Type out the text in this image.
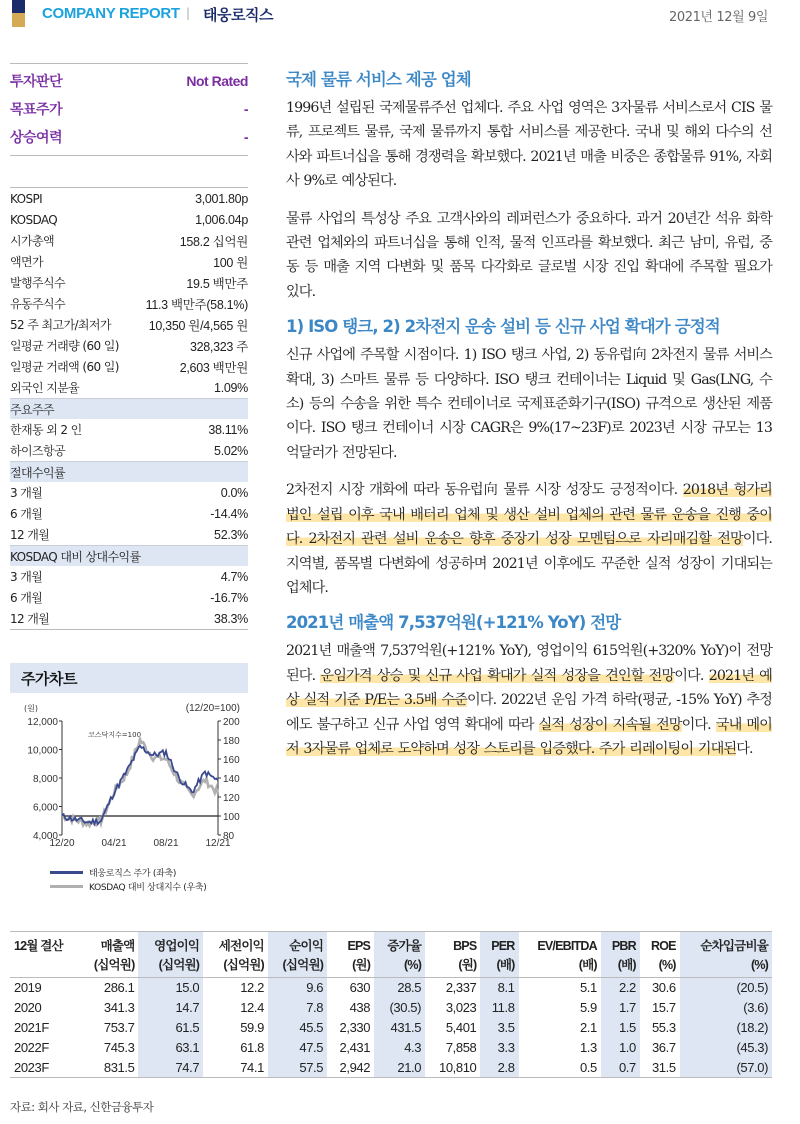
COMPANY REPORT | 태웅로직스	2021년 12월 9일
투자판단	Not Rated
목표주가	-
상승여력	-
KOSPI	3,001.80p
KOSDAQ	1,006.04p
시가총액	158.2 십억원
액면가	100 원
발행주식수	19.5 백만주
유동주식수	11.3 백만주(58.1%)
52 주 최고가/최저가	10,350 원/4,565 원
일평균 거래량 (60 일)	328,323 주
일평균 거래액 (60 일)	2,603 백만원
외국인 지분율	1.09%
주요주주
한재동 외 2 인	38.11%
하이즈항공	5.02%
절대수익률
3 개월	0.0%
6 개월	-14.4%
12 개월	52.3%
KOSDAQ 대비 상대수익률
3 개월	4.7%
6 개월	-16.7%
12 개월	38.3%
주가차트
(원)	(12/20=100)
4,000
6,000
8,000
10,000
12,000
80
100
120
140
160
180
200
12/20	04/21	08/21	12/21
코스닥지수=100
태웅로직스 주가 (좌축)
KOSDAQ 대비 상대지수 (우축)
국제 물류 서비스 제공 업체
1996년 설립된 국제물류주선 업체다. 주요 사업 영역은 3자물류 서비스로서 CIS 물류, 프로젝트 물류, 국제 물류까지 통합 서비스를 제공한다. 국내 및 해외 다수의 선사와 파트너십을 통해 경쟁력을 확보했다. 2021년 매출 비중은 종합물류 91%, 자회사 9%로 예상된다.
물류 사업의 특성상 주요 고객사와의 레퍼런스가 중요하다. 과거 20년간 석유 화학 관련 업체와의 파트너십을 통해 인적, 물적 인프라를 확보했다. 최근 남미, 유럽, 중동 등 매출 지역 다변화 및 품목 다각화로 글로벌 시장 진입 확대에 주목할 필요가 있다.
1) ISO 탱크, 2) 2차전지 운송 설비 등 신규 사업 확대가 긍정적
신규 사업에 주목할 시점이다. 1) ISO 탱크 사업, 2) 동유럽向 2차전지 물류 서비스 확대, 3) 스마트 물류 등 다양하다. ISO 탱크 컨테이너는 Liquid 및 Gas(LNG, 수소) 등의 수송을 위한 특수 컨테이너로 국제표준화기구(ISO) 규격으로 생산된 제품이다. ISO 탱크 컨테이너 시장 CAGR은 9%(17~23F)로 2023년 시장 규모는 13억달러가 전망된다.
2차전지 시장 개화에 따라 동유럽向 물류 시장 성장도 긍정적이다. 2018년 헝가리 법인 설립 이후 국내 배터리 업체 및 생산 설비 업체의 관련 물류 운송을 진행 중이다. 2차전지 관련 설비 운송은 향후 중장기 성장 모멘텀으로 자리매김할 전망이다. 지역별, 품목별 다변화에 성공하며 2021년 이후에도 꾸준한 실적 성장이 기대되는 업체다.
2021년 매출액 7,537억원(+121% YoY) 전망
2021년 매출액 7,537억원(+121% YoY), 영업이익 615억원(+320% YoY)이 전망된다. 운임가격 상승 및 신규 사업 확대가 실적 성장을 견인할 전망이다. 2021년 예상 실적 기준 P/E는 3.5배 수준이다. 2022년 운임 가격 하락(평균, -15% YoY) 추정에도 불구하고 신규 사업 영역 확대에 따라 실적 성장이 지속될 전망이다. 국내 메이저 3자물류 업체로 도약하며 성장 스토리를 입증했다. 주가 리레이팅이 기대된다.
12월 결산	매출액	영업이익	세전이익	순이익	EPS	증가율	BPS	PER	EV/EBITDA	PBR	ROE	순차입금비율
	(십억원)	(십억원)	(십억원)	(십억원)	(원)	(%)	(원)	(배)	(배)	(배)	(%)	(%)
2019	286.1	15.0	12.2	9.6	630	28.5	2,337	8.1	5.1	2.2	30.6	(20.5)
2020	341.3	14.7	12.4	7.8	438	(30.5)	3,023	11.8	5.9	1.7	15.7	(3.6)
2021F	753.7	61.5	59.9	45.5	2,330	431.5	5,401	3.5	2.1	1.5	55.3	(18.2)
2022F	745.3	63.1	61.8	47.5	2,431	4.3	7,858	3.3	1.3	1.0	36.7	(45.3)
2023F	831.5	74.7	74.1	57.5	2,942	21.0	10,810	2.8	0.5	0.7	31.5	(57.0)
자료: 회사 자료, 신한금융투자
